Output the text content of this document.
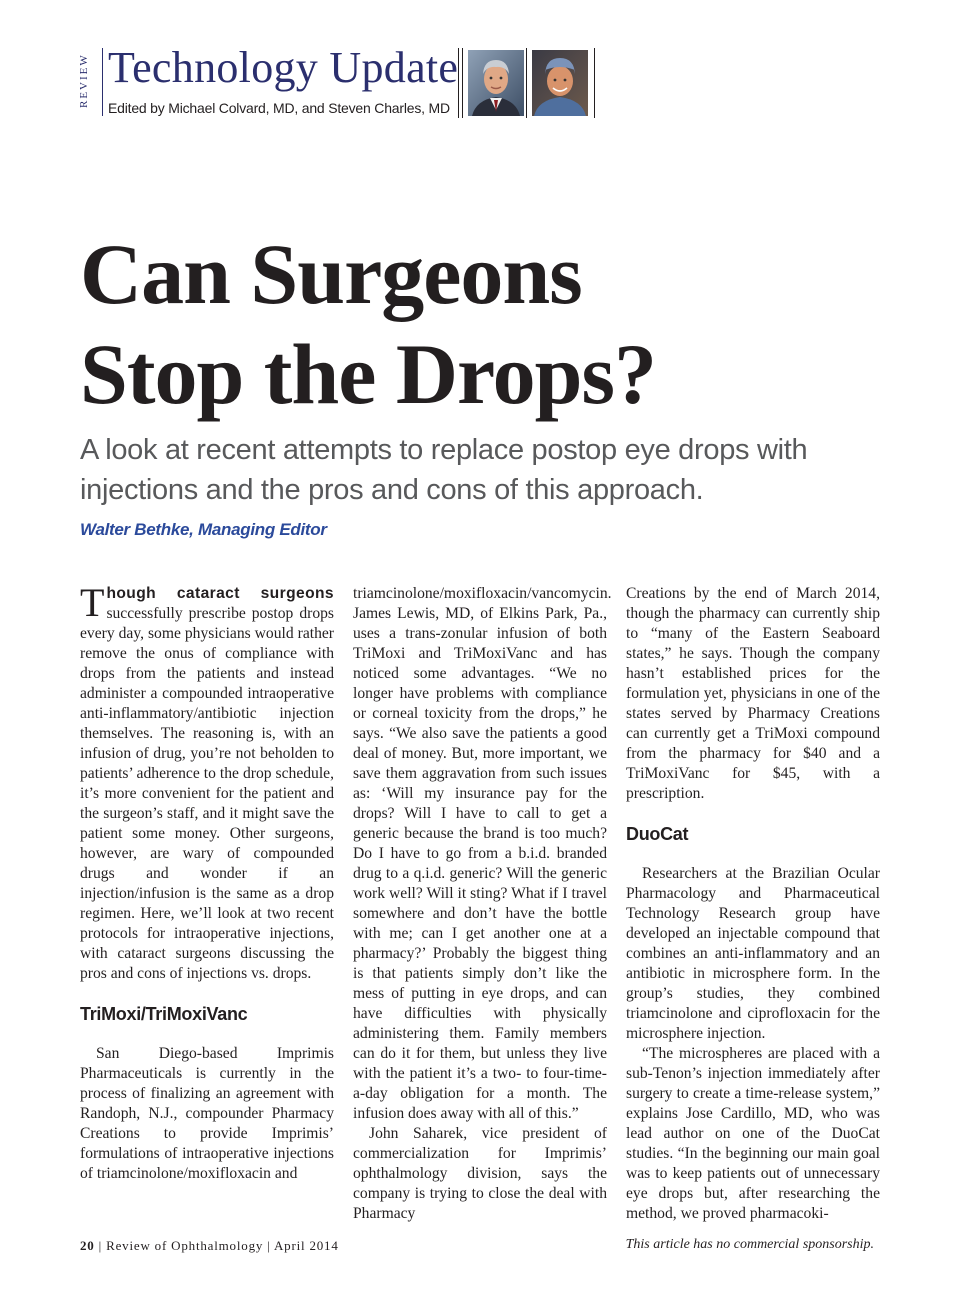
REVIEW Technology Update
Edited by Michael Colvard, MD, and Steven Charles, MD
Can Surgeons
Stop the Drops?
A look at recent attempts to replace postop eye drops with injections and the pros and cons of this approach.
Walter Bethke, Managing Editor

Though cataract surgeons successfully prescribe postop drops every day, some physicians would rather remove the onus of compliance with drops from the patients and instead administer a compounded intraoperative anti-inflammatory/antibiotic injection themselves. The reasoning is, with an infusion of drug, you’re not beholden to patients’ adherence to the drop schedule, it’s more convenient for the patient and the surgeon’s staff, and it might save the patient some money. Other surgeons, however, are wary of compounded drugs and wonder if an injection/infusion is the same as a drop regimen. Here, we’ll look at two recent protocols for intraoperative injections, with cataract surgeons discussing the pros and cons of injections vs. drops.

TriMoxi/TriMoxiVanc

San Diego-based Imprimis Pharmaceuticals is currently in the process of finalizing an agreement with Randoph, N.J., compounder Pharmacy Creations to provide Imprimis’ formulations of intraoperative injections of triamcinolone/moxifloxacin and

triamcinolone/moxifloxacin/vancomycin. James Lewis, MD, of Elkins Park, Pa., uses a trans-zonular infusion of both TriMoxi and TriMoxiVanc and has noticed some advantages. “We no longer have problems with compliance or corneal toxicity from the drops,” he says. “We also save the patients a good deal of money. But, more important, we save them aggravation from such issues as: ‘Will my insurance pay for the drops? Will I have to call to get a generic because the brand is too much? Do I have to go from a b.i.d. branded drug to a q.i.d. generic? Will the generic work well? Will it sting? What if I travel somewhere and don’t have the bottle with me; can I get another one at a pharmacy?’ Probably the biggest thing is that patients simply don’t like the mess of putting in eye drops, and can have difficulties with physically administering them. Family members can do it for them, but unless they live with the patient it’s a two- to four-time-a-day obligation for a month. The infusion does away with all of this.”

John Saharek, vice president of commercialization for Imprimis’ ophthalmology division, says the company is trying to close the deal with Pharmacy

Creations by the end of March 2014, though the pharmacy can currently ship to “many of the Eastern Seaboard states,” he says. Though the company hasn’t established prices for the formulation yet, physicians in one of the states served by Pharmacy Creations can currently get a TriMoxi compound from the pharmacy for $40 and a TriMoxiVanc for $45, with a prescription.

DuoCat

Researchers at the Brazilian Ocular Pharmacology and Pharmaceutical Technology Research group have developed an injectable compound that combines an anti-inflammatory and an antibiotic in microsphere form. In the group’s studies, they combined triamcinolone and ciprofloxacin for the microsphere injection.

“The microspheres are placed with a sub-Tenon’s injection immediately after surgery to create a time-release system,” explains Jose Cardillo, MD, who was lead author on one of the DuoCat studies. “In the beginning our main goal was to keep patients out of unnecessary eye drops but, after researching the method, we proved pharmacoki-

20 | Review of Ophthalmology | April 2014	This article has no commercial sponsorship.
